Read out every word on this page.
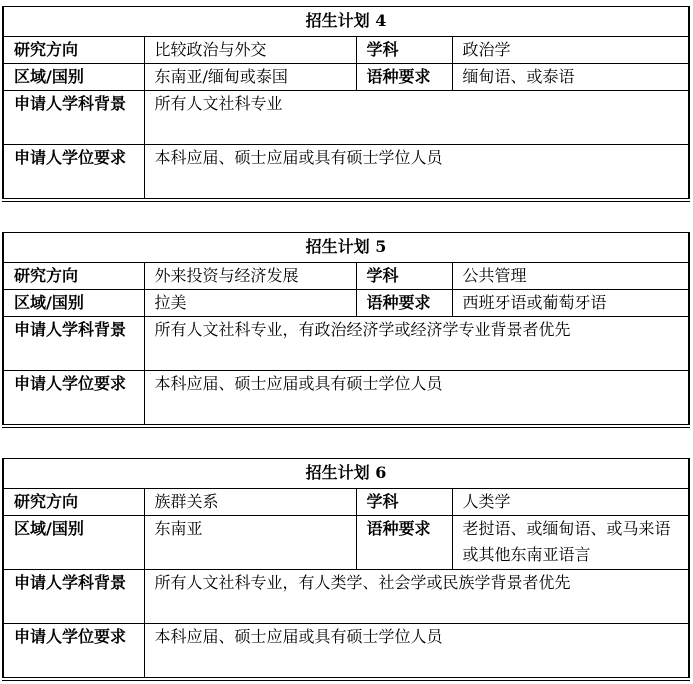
招生计划 4			
研究方向	比较政治与外交	学科	政治学
区域/国别	东南亚/缅甸或泰国	语种要求	缅甸语、或泰语
申请人学科背景	所有人文社科专业		
申请人学位要求	本科应届、硕士应届或具有硕士学位人员		
招生计划 5			
研究方向	外来投资与经济发展	学科	公共管理
区域/国别	拉美	语种要求	西班牙语或葡萄牙语
申请人学科背景	所有人文社科专业，有政治经济学或经济学专业背景者优先		
申请人学位要求	本科应届、硕士应届或具有硕士学位人员		
招生计划 6			
研究方向	族群关系	学科	人类学
区域/国别	东南亚	语种要求	老挝语、或缅甸语、或马来语或其他东南亚语言
申请人学科背景	所有人文社科专业，有人类学、社会学或民族学背景者优先		
申请人学位要求	本科应届、硕士应届或具有硕士学位人员		
